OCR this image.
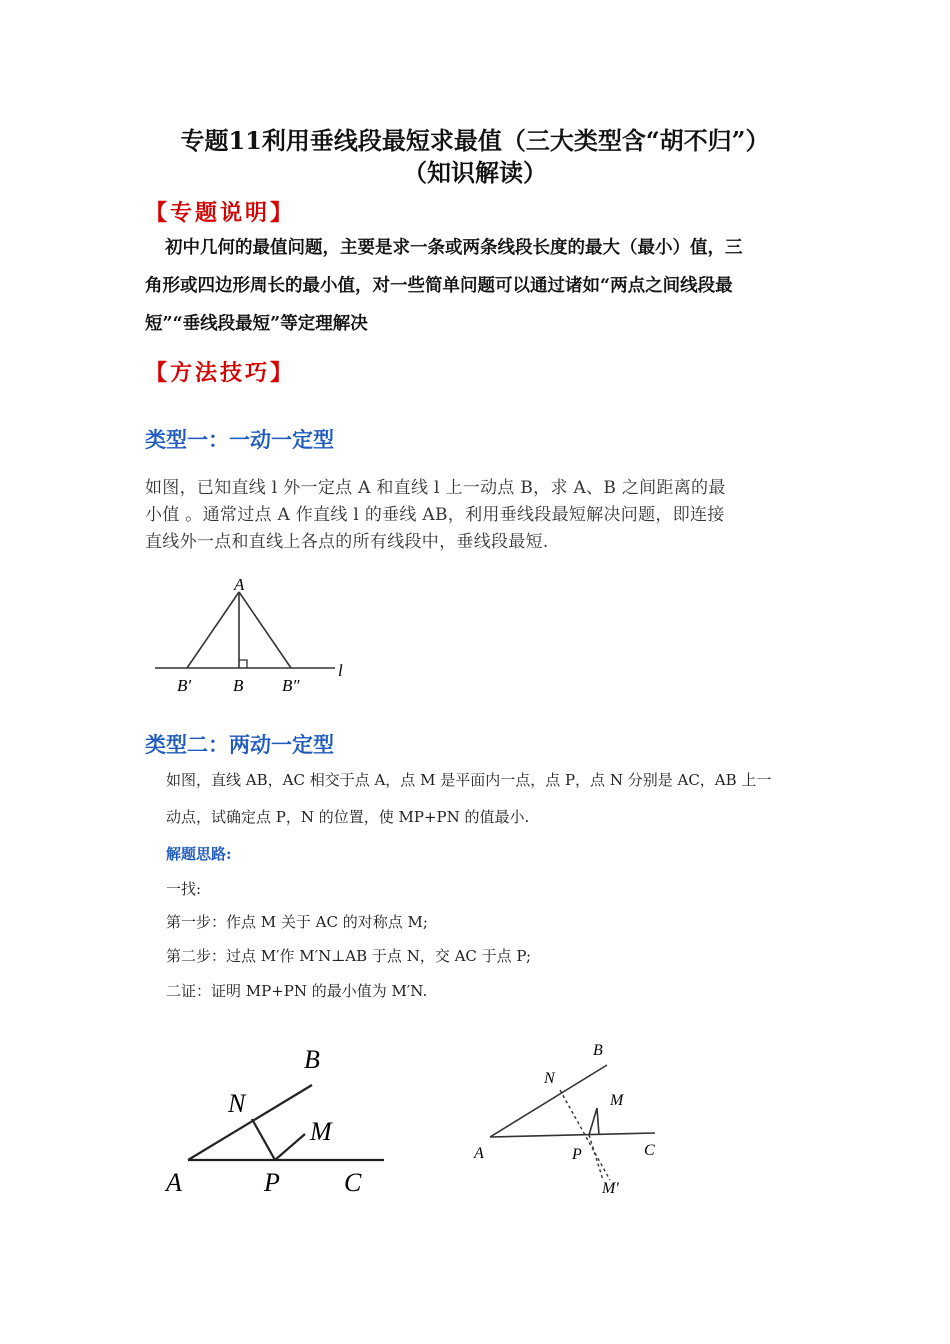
专题11利用垂线段最短求最值（三大类型含“胡不归”）
（知识解读）
【专题说明】
初中几何的最值问题，主要是求一条或两条线段长度的最大（最小）值，三
角形或四边形周长的最小值，对一些简单问题可以通过诸如“两点之间线段最
短”“垂线段最短”等定理解决
【方法技巧】
类型一：一动一定型
如图，已知直线 l 外一定点 A 和直线 l 上一动点 B，求 A、B 之间距离的最
小值 。通常过点 A 作直线 l 的垂线 AB，利用垂线段最短解决问题，即连接
直线外一点和直线上各点的所有线段中，垂线段最短.
A
B′ B B″
l
类型二：两动一定型
如图，直线 AB，AC 相交于点 A，点 M 是平面内一点，点 P，点 N 分别是 AC，AB 上一
动点，试确定点 P，N 的位置，使 MP+PN 的值最小.
解题思路:
一找:
第一步：作点 M 关于 AC 的对称点 M;
第二步：过点 M′作 M′N⊥AB 于点 N，交 AC 于点 P;
二证：证明 MP+PN 的最小值为 M′N.
B
N
M
A	P C
B
N
M
A	P	C
M′
